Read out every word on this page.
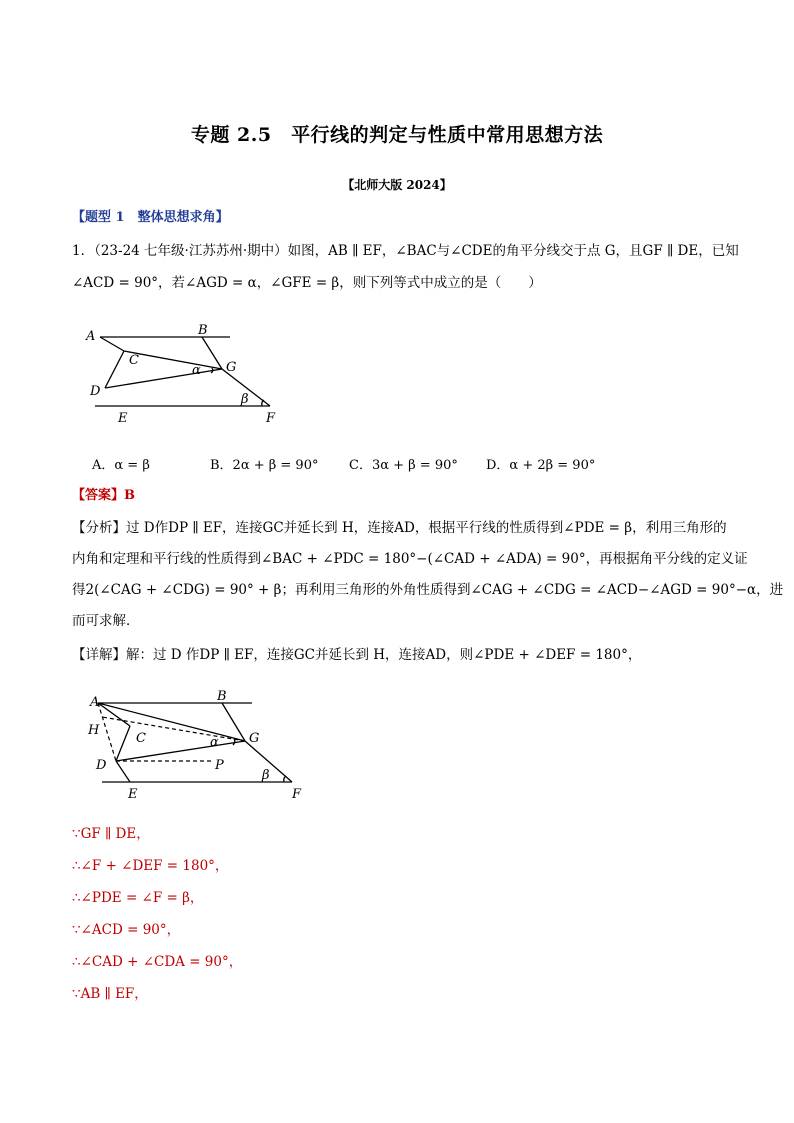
专题 2.5　平行线的判定与性质中常用思想方法
【北师大版 2024】
【题型 1　整体思想求角】
1．（23-24 七年级·江苏苏州·期中）如图，AB ∥ EF，∠BAC与∠CDE的角平分线交于点 G，且GF ∥ DE，已知
∠ACD = 90°，若∠AGD = α，∠GFE = β，则下列等式中成立的是（　　）
A	B
C
D
E	F
G
α
β
A．α = β	B．2α + β = 90° C．3α + β = 90° D．α + 2β = 90°
【答案】B
【分析】过 D作DP ∥ EF，连接GC并延长到 H，连接AD，根据平行线的性质得到∠PDE = β，利用三角形的
内角和定理和平行线的性质得到∠BAC + ∠PDC = 180°−(∠CAD + ∠ADA) = 90°，再根据角平分线的定义证
得2(∠CAG + ∠CDG) = 90° + β；再利用三角形的外角性质得到∠CAG + ∠CDG = ∠ACD−∠AGD = 90°−α，进
而可求解．
【详解】解：过 D 作DP ∥ EF，连接GC并延长到 H，连接AD，则∠PDE + ∠DEF = 180°，
A	B
C
D
E	F
G
H
P
α
β
∵GF ∥ DE，
∴∠F + ∠DEF = 180°，
∴∠PDE = ∠F = β，
∵∠ACD = 90°，
∴∠CAD + ∠CDA = 90°，
∵AB ∥ EF，
